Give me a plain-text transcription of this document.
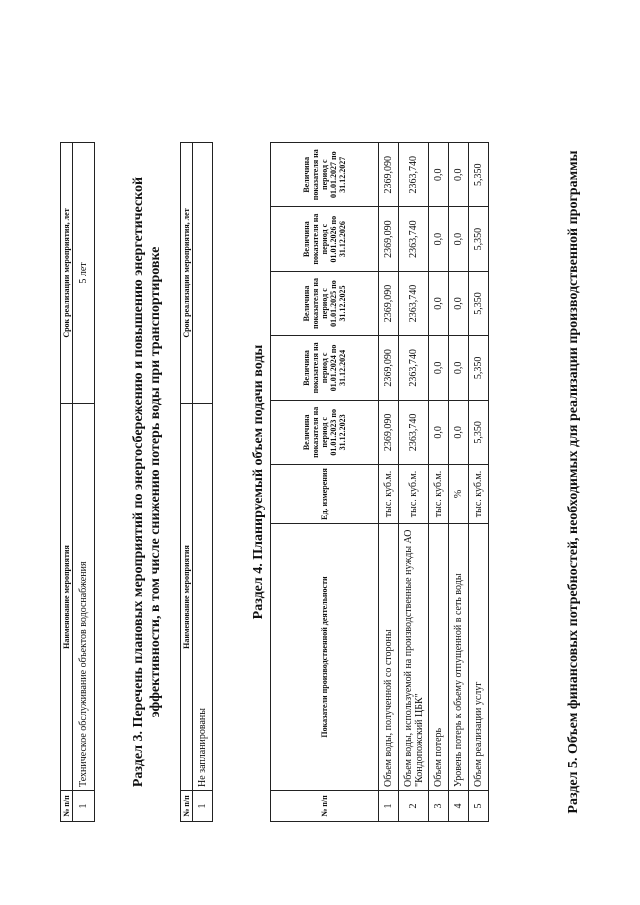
№ п/п	Наименование мероприятия	Срок реализации мероприятия, лет
1	Техническое обслуживание объектов водоснабжения	5 лет	Раздел 3. Перечень плановых мероприятий по энергосбережению и повышению энергетической эффективности, в том числе снижению потерь воды при транспортировке
№ п/п	Наименование мероприятия	Срок реализации мероприятия, лет
1	Не запланированы	
Раздел 4. Планируемый объем подачи воды
№ п/п	Показатели производственной деятельности	Ед. измерения	Величина показателя на период с 01.01.2023 по 31.12.2023	Величина показателя на период с 01.01.2024 по 31.12.2024	Величина показателя на период с 01.01.2025 по 31.12.2025	Величина показателя на период с 01.01.2026 по 31.12.2026	Величина показателя на период с 01.01.2027 по 31.12.2027
1	Объем воды, полученной со стороны	тыс. куб.м.	2369,090	2369,090	2369,090	2369,090	2369,090
2	Объем воды, используемой на производственные нужды АО "Кондопожский ЦБК"	тыс. куб.м.	2363,740	2363,740	2363,740	2363,740	2363,740
3	Объем потерь	тыс. куб.м.	0,0	0,0	0,0	0,0	0,0
4	Уровень потерь к объему отпущенной в сеть воды	%	0,0	0,0	0,0	0,0	0,0
5	Объем реализации услуг	тыс. куб.м.	5,350	5,350	5,350	5,350	5,350	Раздел 5. Объем финансовых потребностей, необходимых для реализации производственной программы
